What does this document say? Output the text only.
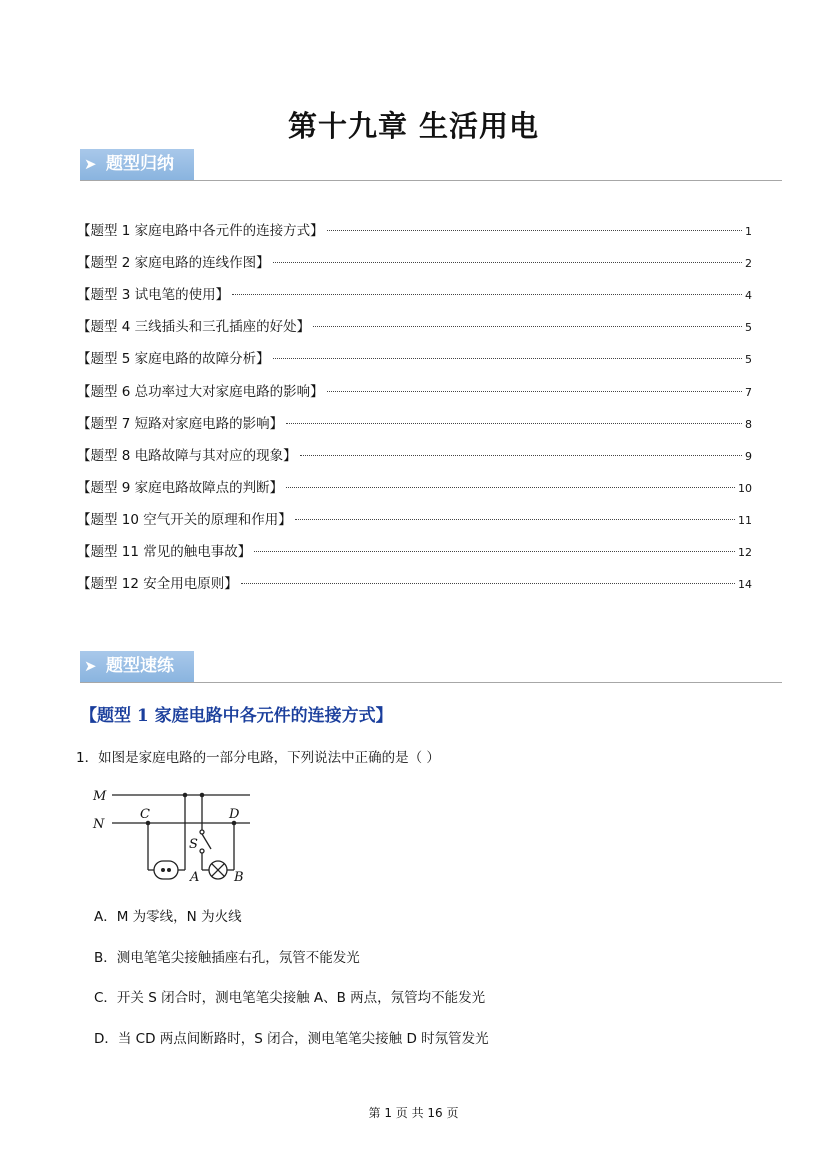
第十九章 生活用电
➤ 题型归纳
【题型 1 家庭电路中各元件的连接方式】	1
【题型 2 家庭电路的连线作图】	2
【题型 3 试电笔的使用】	4
【题型 4 三线插头和三孔插座的好处】	5
【题型 5 家庭电路的故障分析】	5
【题型 6 总功率过大对家庭电路的影响】	7
【题型 7 短路对家庭电路的影响】	8
【题型 8 电路故障与其对应的现象】	9
【题型 9 家庭电路故障点的判断】	10
【题型 10 空气开关的原理和作用】	11
【题型 11 常见的触电事故】	12
【题型 12 安全用电原则】	14
➤ 题型速练
【题型 1 家庭电路中各元件的连接方式】
1．如图是家庭电路的一部分电路，下列说法中正确的是（ ）
M
N
C	D
S
A	B
A．M 为零线，N 为火线
B．测电笔笔尖接触插座右孔，氖管不能发光
C．开关 S 闭合时，测电笔笔尖接触 A、B 两点，氖管均不能发光
D．当 CD 两点间断路时，S 闭合，测电笔笔尖接触 D 时氖管发光
第 1 页 共 16 页
